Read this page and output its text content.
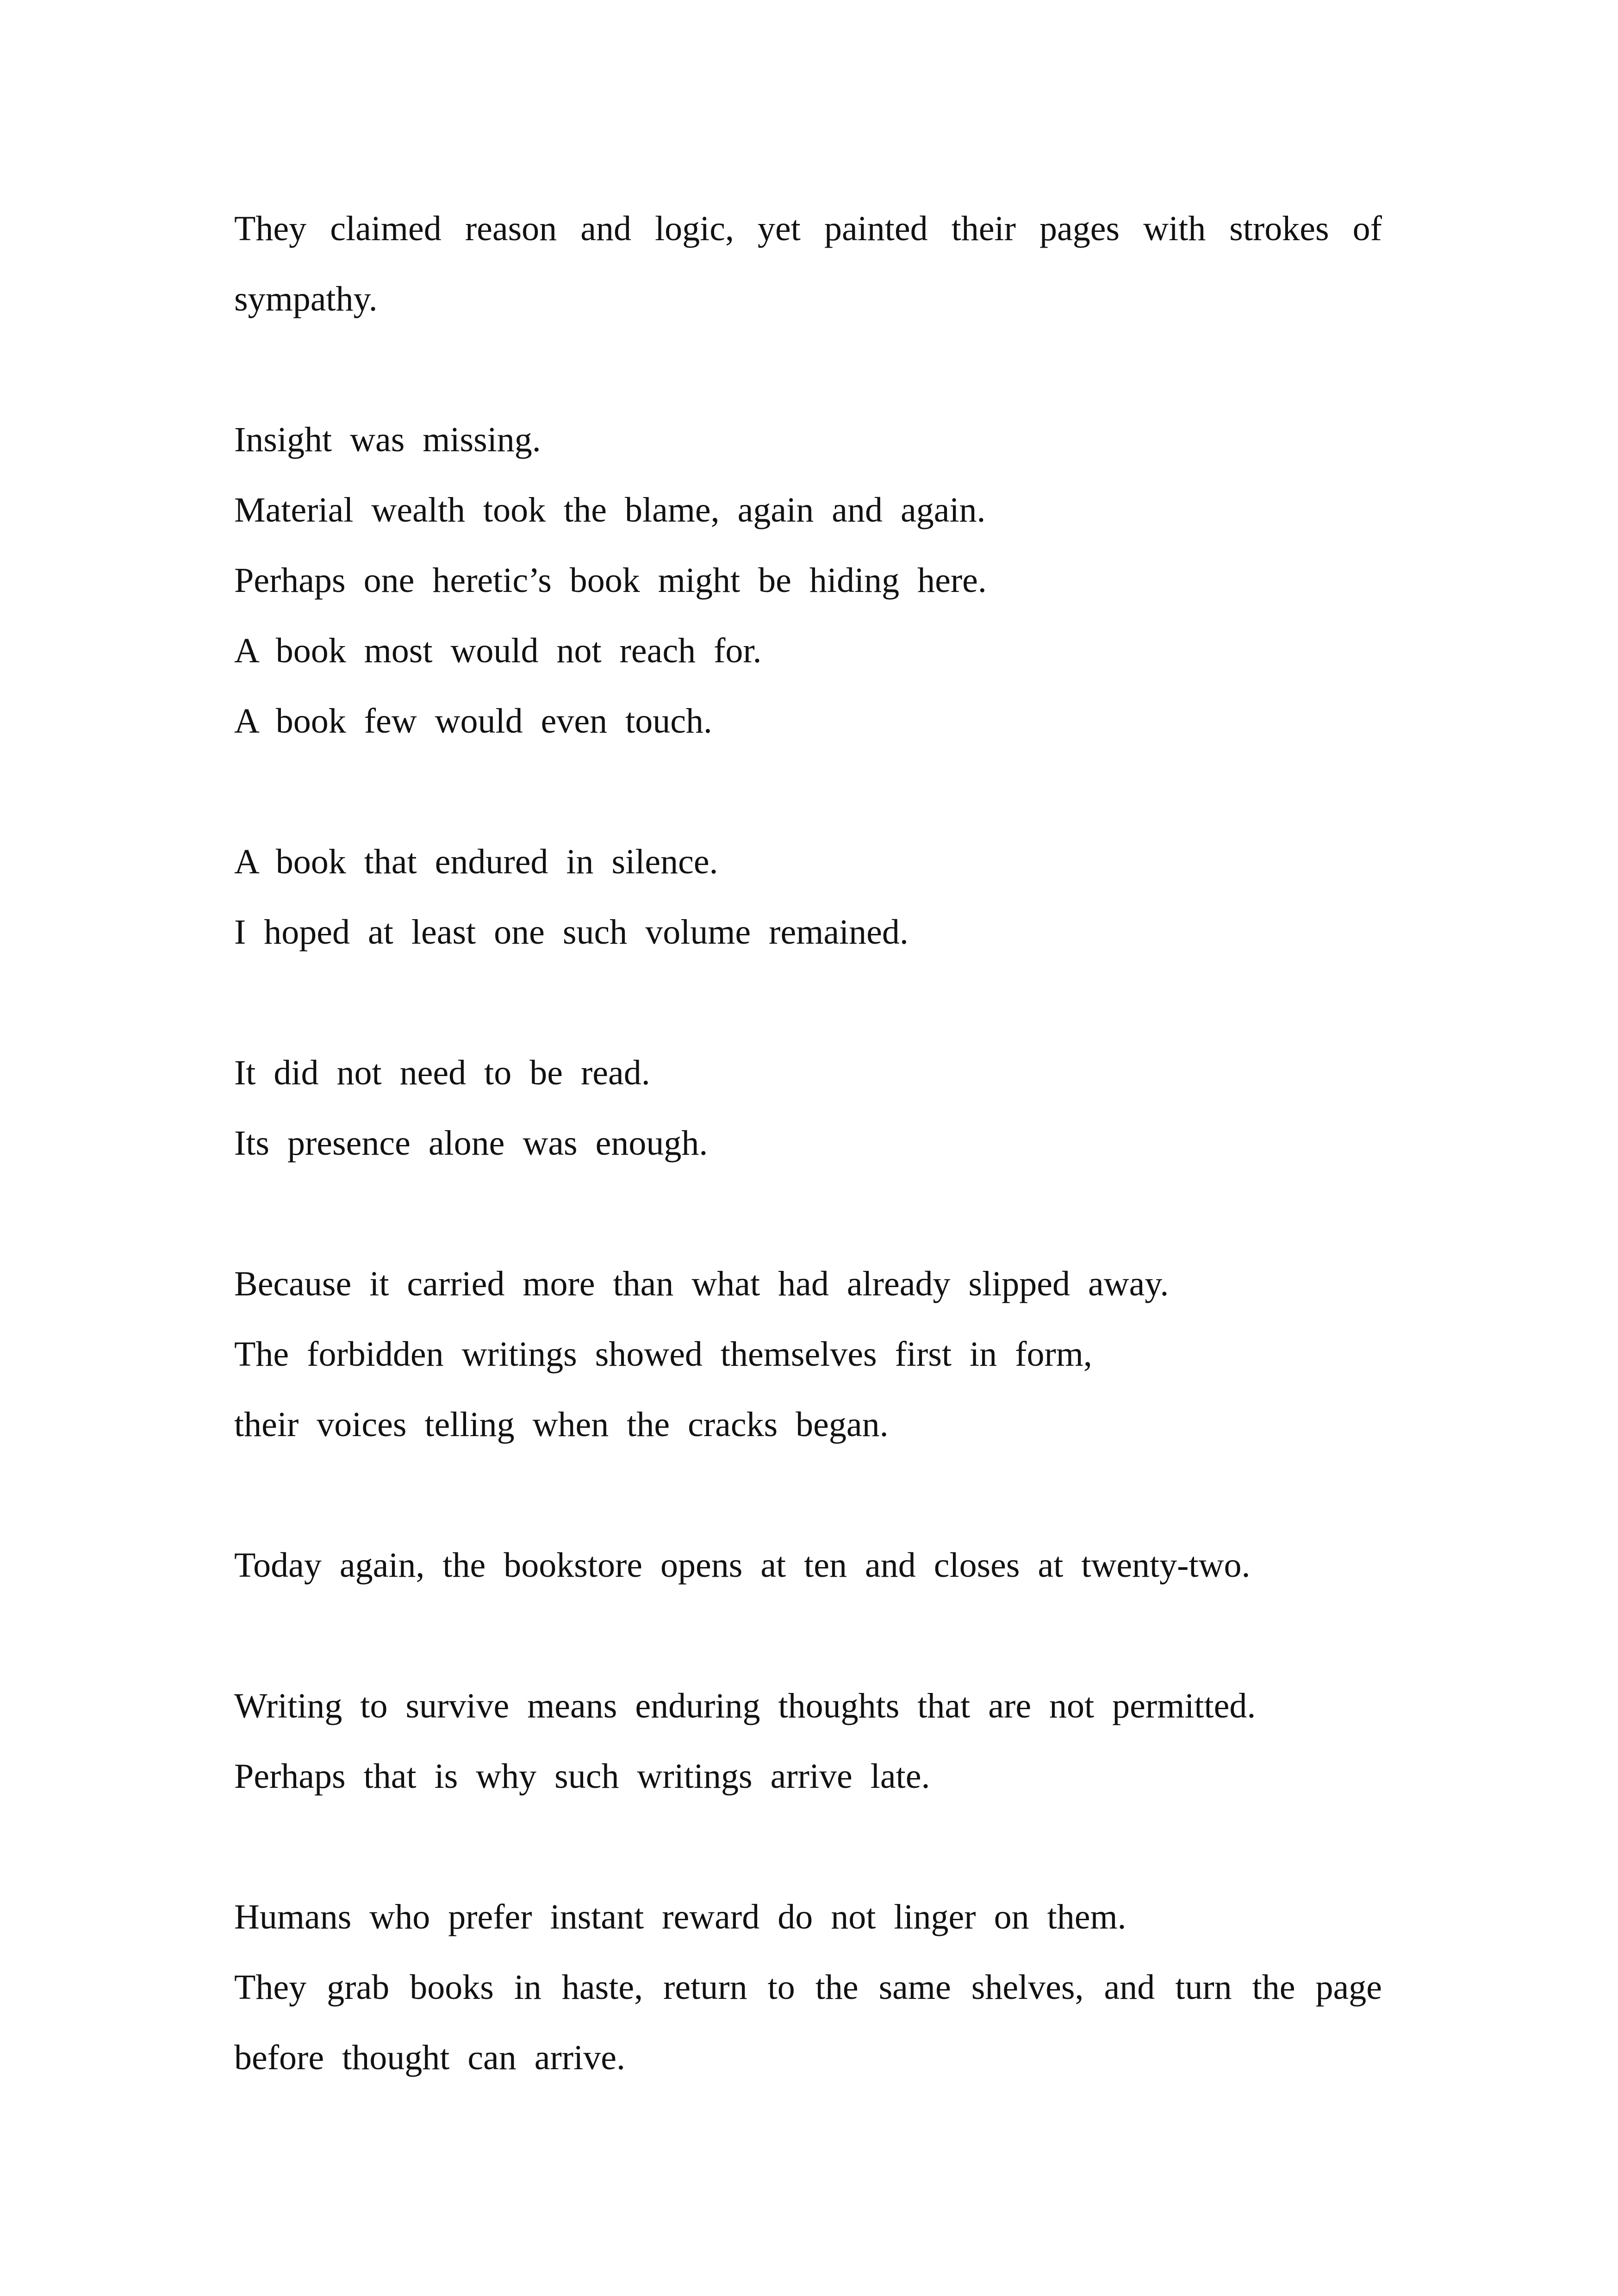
They claimed reason and logic, yet painted their pages with strokes of sympathy.
Insight was missing.
Material wealth took the blame, again and again.
Perhaps one heretic’s book might be hiding here.
A book most would not reach for.
A book few would even touch.
A book that endured in silence.
I hoped at least one such volume remained.
It did not need to be read.
Its presence alone was enough.
Because it carried more than what had already slipped away.
The forbidden writings showed themselves first in form,
their voices telling when the cracks began.
Today again, the bookstore opens at ten and closes at twenty-two.
Writing to survive means enduring thoughts that are not permitted.
Perhaps that is why such writings arrive late.
Humans who prefer instant reward do not linger on them.
They grab books in haste, return to the same shelves, and turn the page before thought can arrive.
